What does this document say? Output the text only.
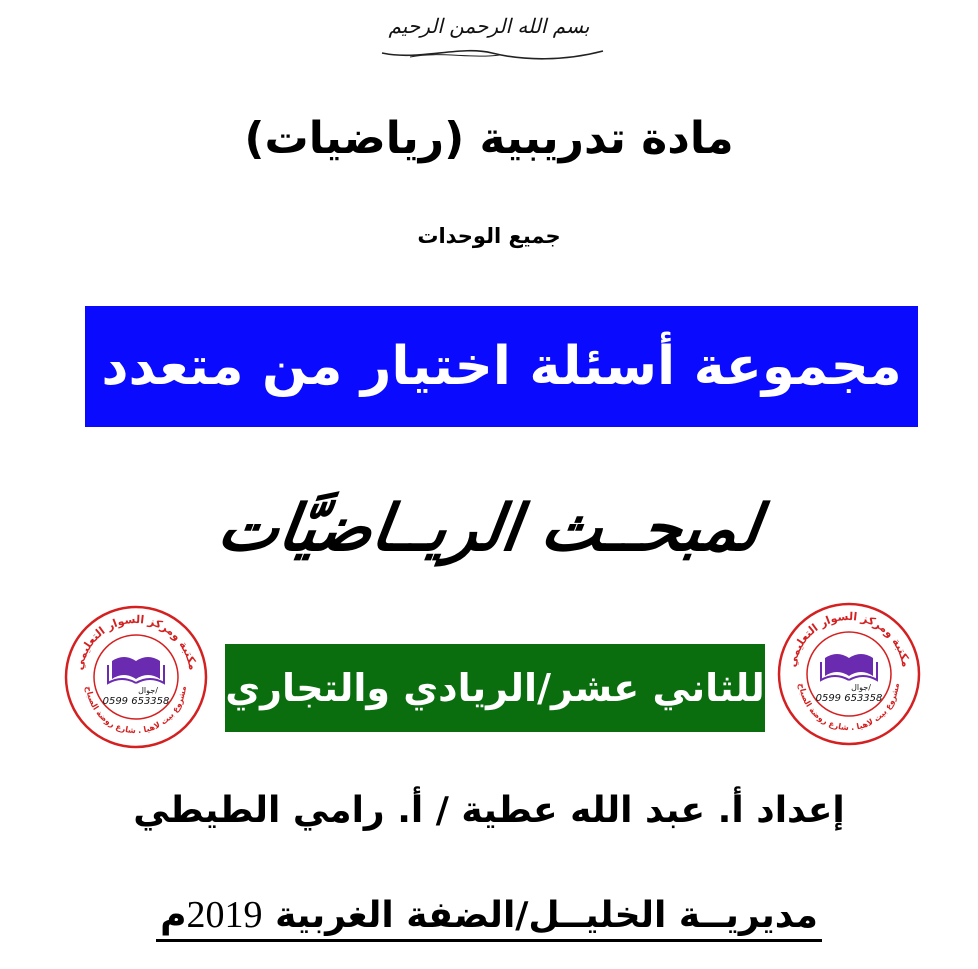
بسم الله الرحمن الرحيم
مادة تدريبية (رياضيات)
جميع الوحدات
مجموعة أسئلة اختيار من متعدد
لمبحــث الريــاضيَّات
مكتبة ومركز السوار التعليمي
مشروع بيت لاهيا . شارع روضة الصباح
جوال/
0599 653358 للثاني عشر/الريادي والتجاري
مكتبة ومركز السوار التعليمي
مشروع بيت لاهيا . شارع روضة الصباح
جوال/
0599 653358
إعداد أ. عبد الله عطية / أ. رامي الطيطي
مديريــة الخليــل/الضفة الغربية 2019م
